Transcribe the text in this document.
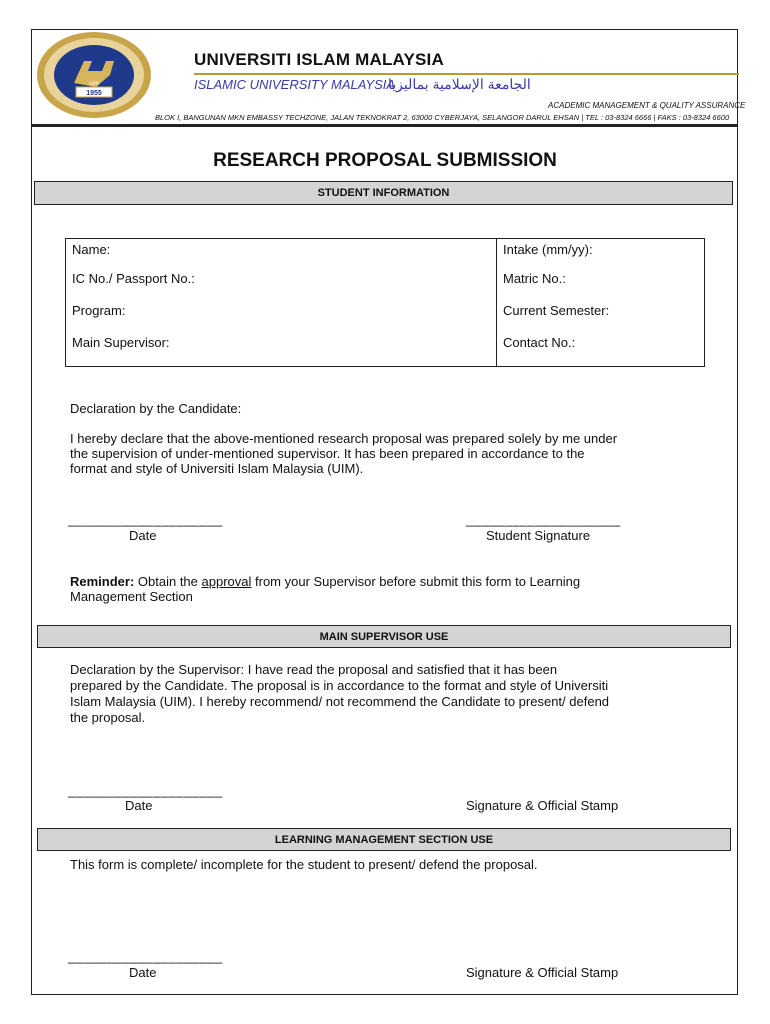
1955
uim
UNIVERSITI ISLAM MALAYSIA
ISLAMIC UNIVERSITY MALAYSIA
الجامعة الإسلامية بماليزيا
ACADEMIC MANAGEMENT & QUALITY ASSURANCE
BLOK I, BANGUNAN MKN EMBASSY TECHZONE, JALAN TEKNOKRAT 2, 63000 CYBERJAYA, SELANGOR DARUL EHSAN | TEL : 03-8324 6666 | FAKS : 03-8324 6600
RESEARCH PROPOSAL SUBMISSION
STUDENT INFORMATION
Name:	Intake (mm/yy):
IC No./ Passport No.:	Matric No.:
Program:	Current Semester:
Main Supervisor:	Contact No.:
Declaration by the Candidate:
I hereby declare that the above-mentioned research proposal was prepared solely by me under
the supervision of under-mentioned supervisor. It has been prepared in accordance to the
format and style of Universiti Islam Malaysia (UIM).
____________________	____________________
Date	Student Signature
Reminder: Obtain the approval from your Supervisor before submit this form to Learning
Management Section
MAIN SUPERVISOR USE
Declaration by the Supervisor: I have read the proposal and satisfied that it has been
prepared by the Candidate. The proposal is in accordance to the format and style of Universiti
Islam Malaysia (UIM). I hereby recommend/ not recommend the Candidate to present/ defend
the proposal.
____________________
Date	Signature & Official Stamp
LEARNING MANAGEMENT SECTION USE
This form is complete/ incomplete for the student to present/ defend the proposal.
____________________
Date	Signature & Official Stamp
